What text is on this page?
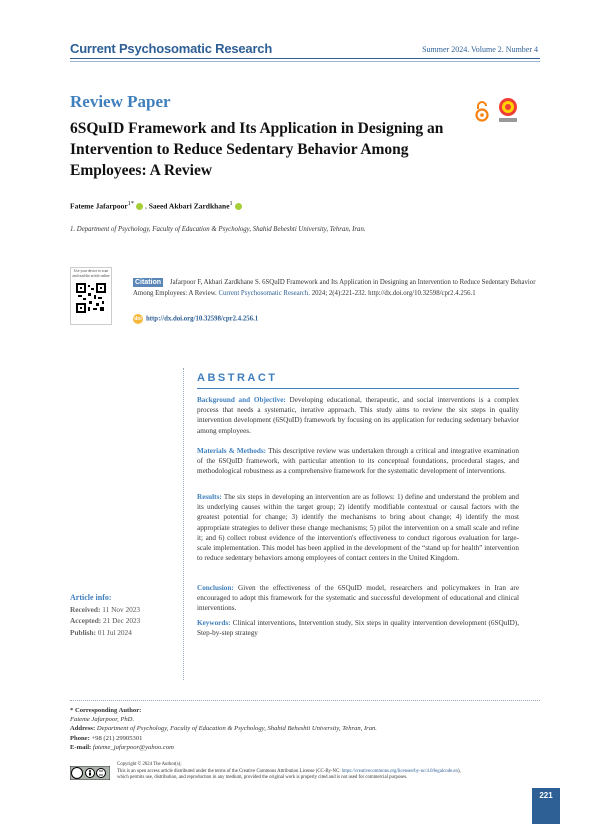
Current Psychosomatic Research	Summer 2024. Volume 2. Number 4
Review Paper
6SQuID Framework and Its Application in Designing an Intervention to Reduce Sedentary Behavior Among Employees: A Review
Fateme Jafarpoor$^{1*}$ , Saeed Akbari Zardkhane$^1$
1. Department of Psychology, Faculty of Education & Psychology, Shahid Beheshti University, Tehran, Iran.
Use your device to scan and read the article online
Jafarpoor F, Akbari Zardkhane S. 6SQuID Framework and Its Application in Designing an Intervention to Reduce Sedentary Behavior Among Employees: A Review. Current Psychosomatic Research. 2024; 2(4):221-232. http://dx.doi.org/10.32598/cpr2.4.256.1
Citation
doi http://dx.doi.org/10.32598/cpr2.4.256.1
ABSTRACT
Background and Objective: Developing educational, therapeutic, and social interventions is a complex process that needs a systematic, iterative approach. This study aims to review the six steps in quality intervention development (6SQuID) framework by focusing on its application for reducing sedentary behavior among employees.
Materials & Methods: This descriptive review was undertaken through a critical and integrative examination of the 6SQuID framework, with particular attention to its conceptual foundations, procedural stages, and methodological robustness as a comprehensive framework for the systematic development of interventions.
Results: The six steps in developing an intervention are as follows: 1) define and understand the problem and its underlying causes within the target group; 2) identify modifiable contextual or causal factors with the greatest potential for change; 3) identify the mechanisms to bring about change; 4) identify the most appropriate strategies to deliver these change mechanisms; 5) pilot the intervention on a small scale and refine it; and 6) collect robust evidence of the intervention's effectiveness to conduct rigorous evaluation for large-scale implementation. This model has been applied in the development of the “stand up for health” intervention to reduce sedentary behaviors among employees of contact centers in the United Kingdom.
Conclusion: Given the effectiveness of the 6SQuID model, researchers and policymakers in Iran are encouraged to adopt this framework for the systematic and successful development of educational and clinical interventions.
Keywords: Clinical interventions, Intervention study, Six steps in quality intervention development (6SQuID), Step-by-step strategy
Article info:
Received: 11 Nov 2023
Accepted: 21 Dec 2023
Publish: 01 Jul 2024
* Corresponding Author:
Fateme Jafarpoor, PhD.
Address: Department of Psychology, Faculty of Education & Psychology, Shahid Beheshti University, Tehran, Iran.
Phone: +98 (21) 29905301
E-mail: fateme_jafarpoor@yahoo.com
Copyright © 2024 The Author(s);
This is an open access article distributed under the terms of the Creative Commons Attribution License (CC-By-NC: https://creativecommons.org/licenses/by-nc/4.0/legalcode.en),
which permits use, distribution, and reproduction in any medium, provided the original work is properly cited and is not used for commercial purposes.
221
